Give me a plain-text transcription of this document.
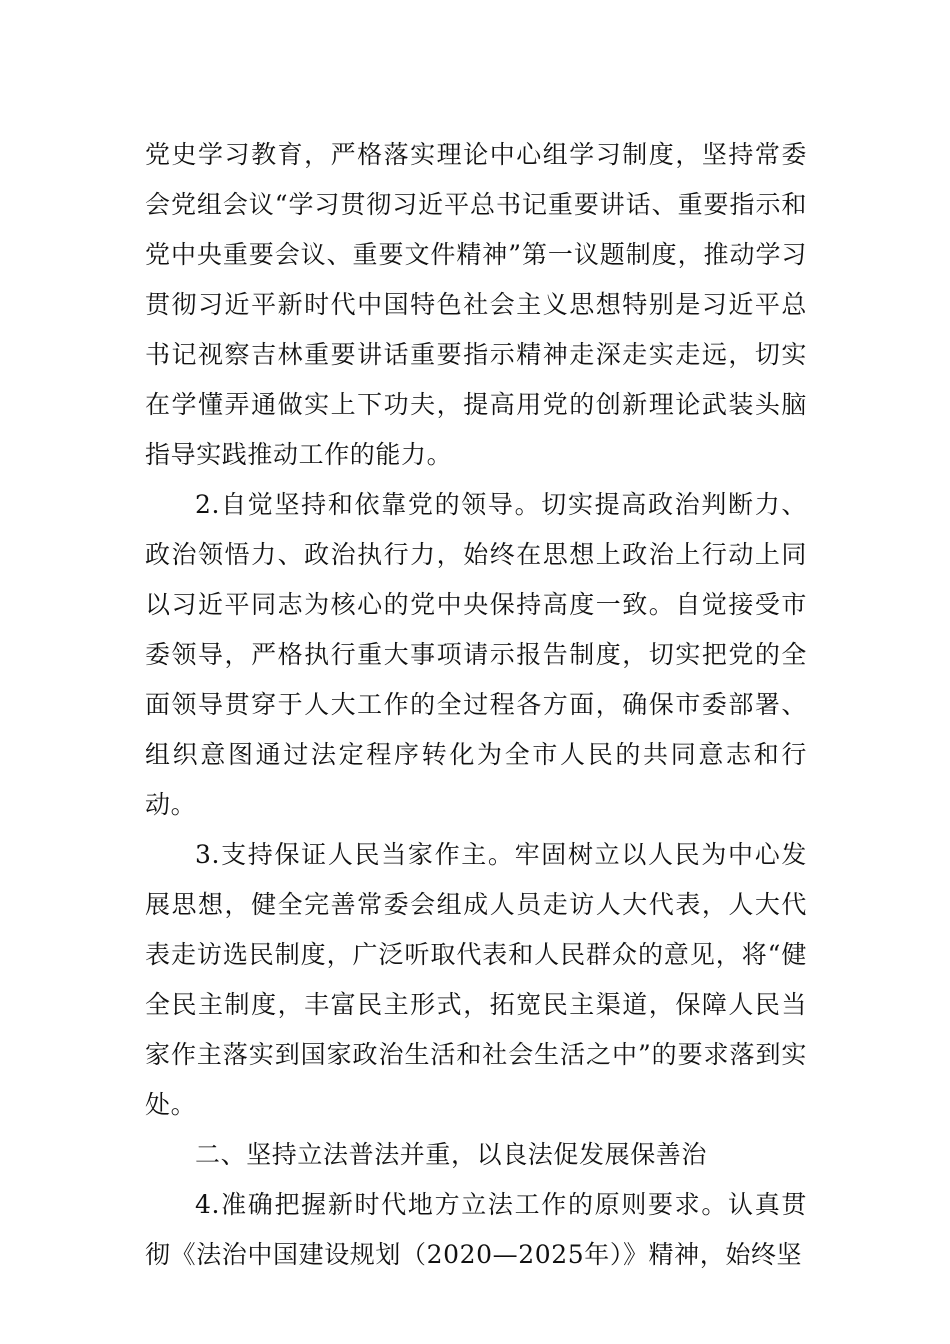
党史学习教育，严格落实理论中心组学习制度，坚持常委会党组会议“学习贯彻习近平总书记重要讲话、重要指示和党中央重要会议、重要文件精神”第一议题制度，推动学习贯彻习近平新时代中国特色社会主义思想特别是习近平总书记视察吉林重要讲话重要指示精神走深走实走远，切实在学懂弄通做实上下功夫，提高用党的创新理论武装头脑指导实践推动工作的能力。

2.自觉坚持和依靠党的领导。切实提高政治判断力、政治领悟力、政治执行力，始终在思想上政治上行动上同以习近平同志为核心的党中央保持高度一致。自觉接受市委领导，严格执行重大事项请示报告制度，切实把党的全面领导贯穿于人大工作的全过程各方面，确保市委部署、组织意图通过法定程序转化为全市人民的共同意志和行动。

3.支持保证人民当家作主。牢固树立以人民为中心发展思想，健全完善常委会组成人员走访人大代表，人大代表走访选民制度，广泛听取代表和人民群众的意见，将“健全民主制度，丰富民主形式，拓宽民主渠道，保障人民当家作主落实到国家政治生活和社会生活之中”的要求落到实处。

二、坚持立法普法并重，以良法促发展保善治

4.准确把握新时代地方立法工作的原则要求。认真贯彻《法治中国建设规划（2020—2025年）》精神，始终坚
